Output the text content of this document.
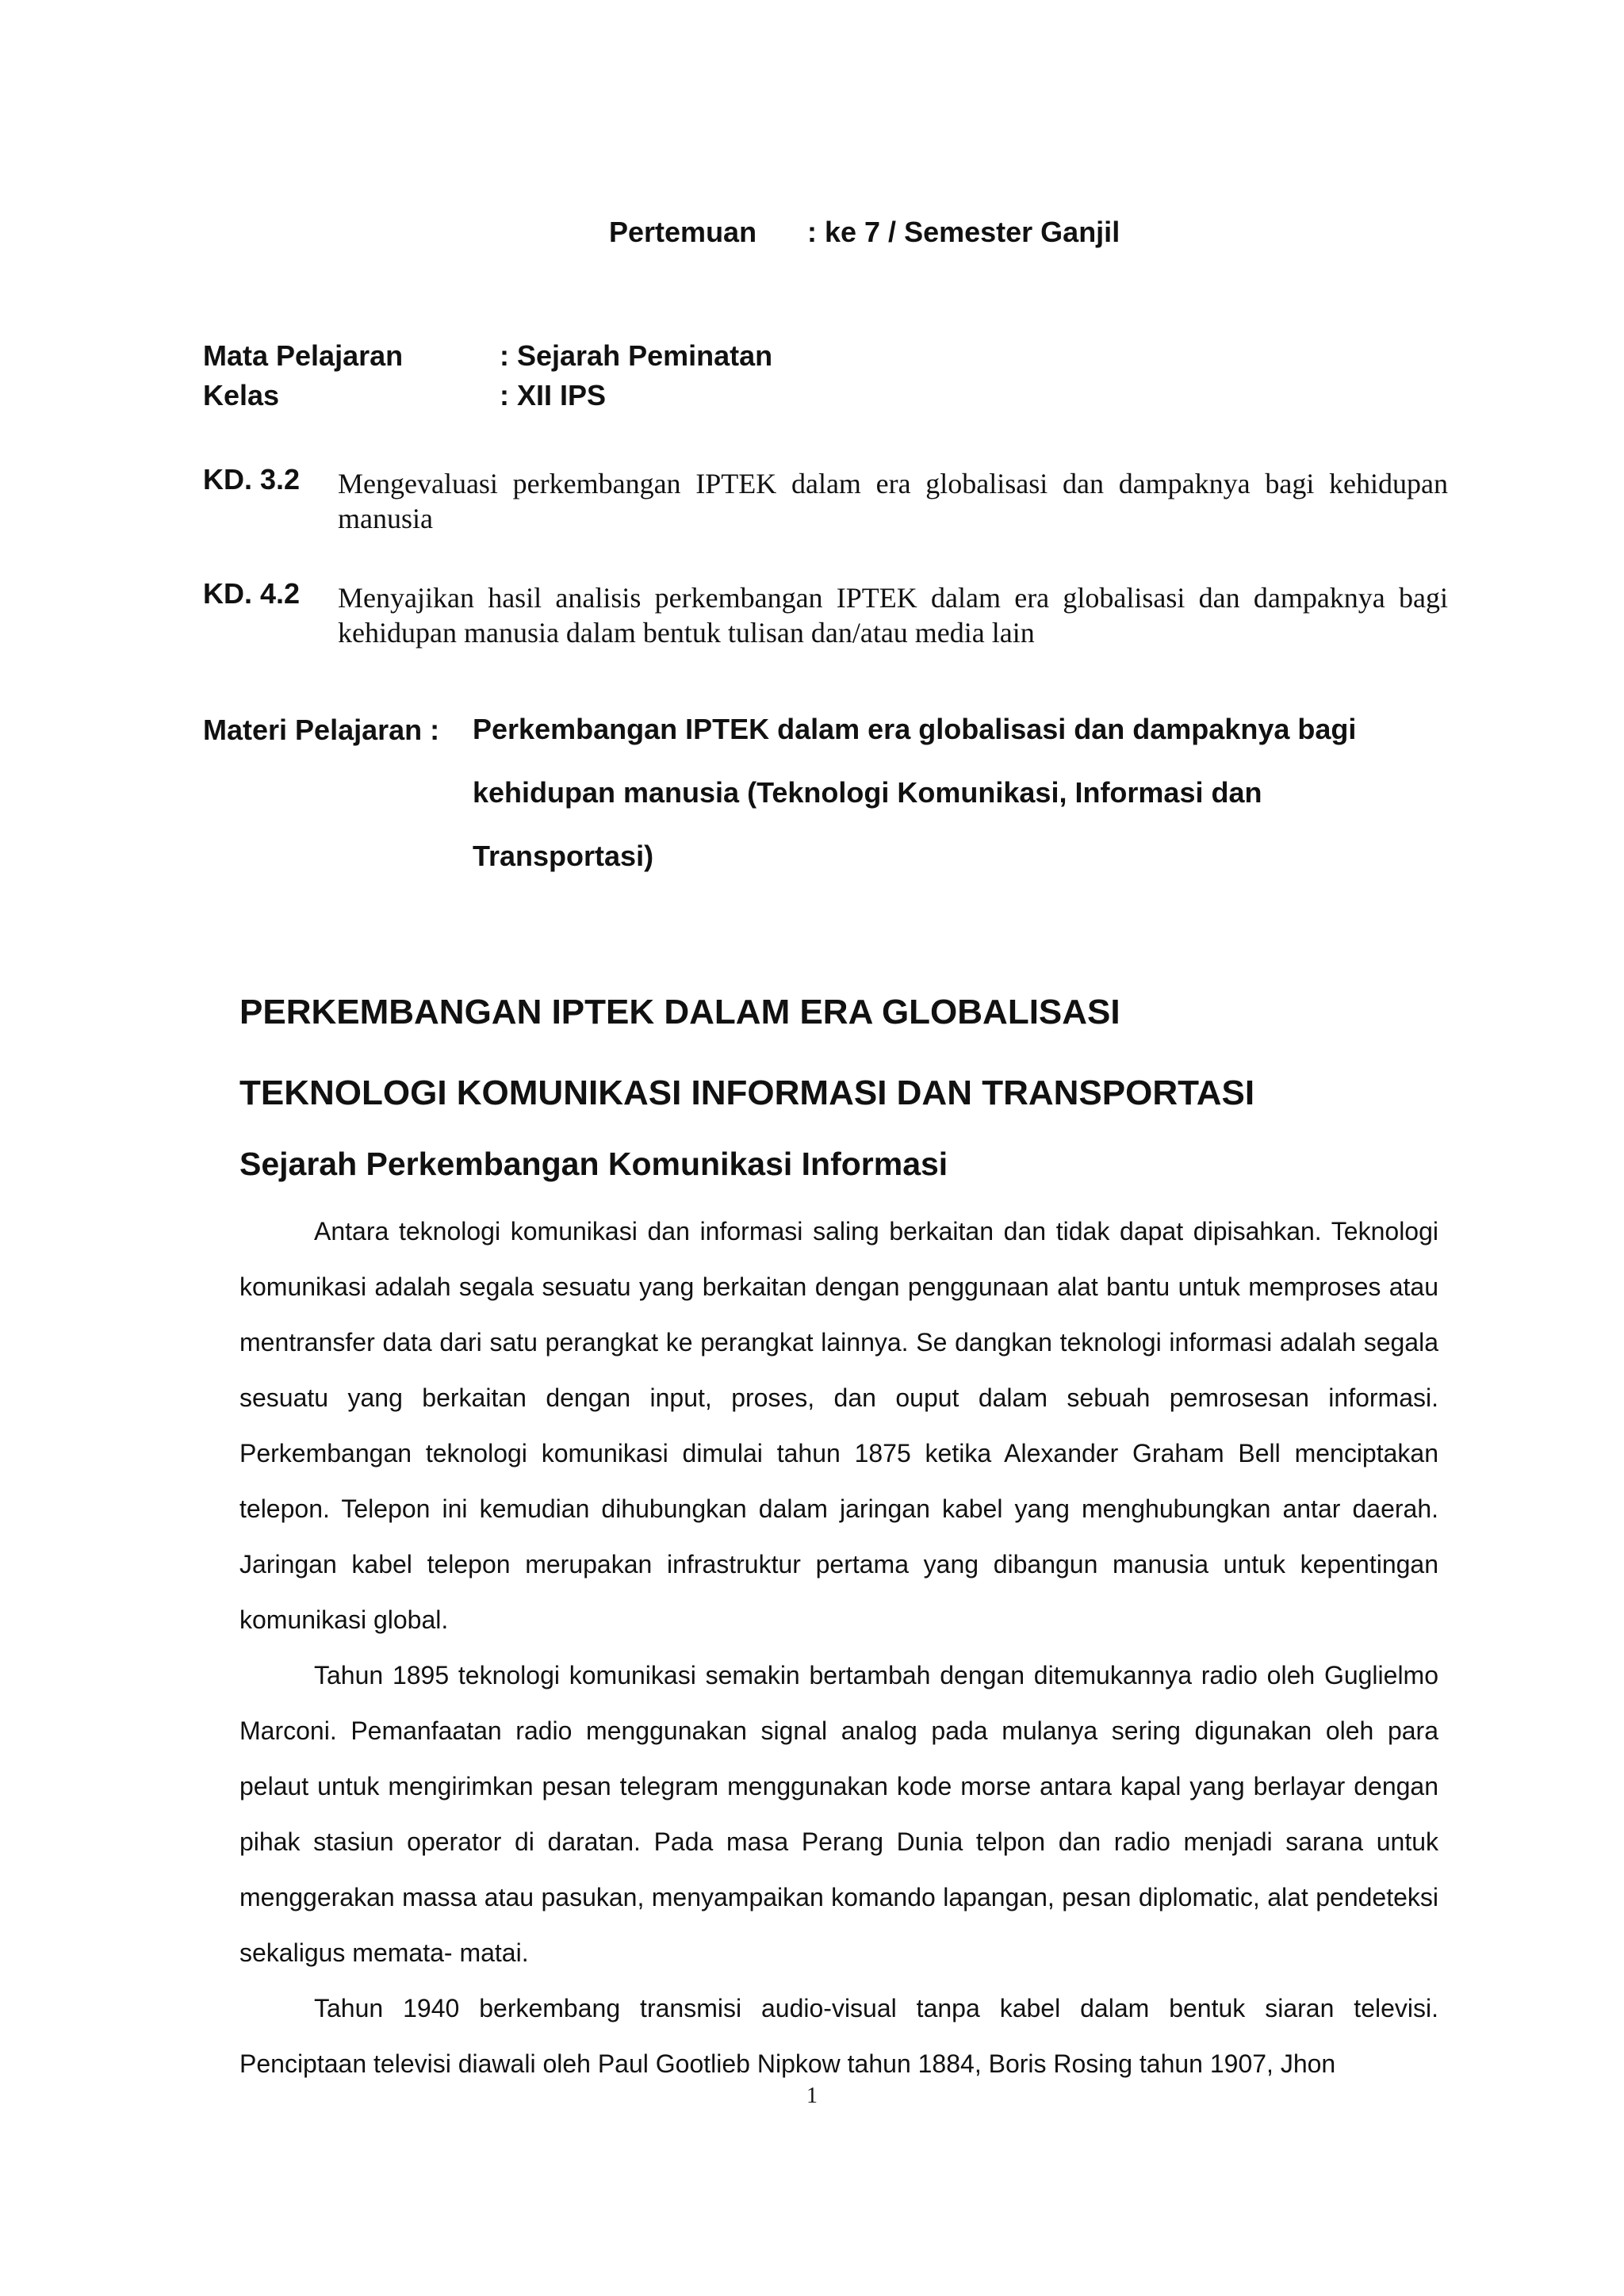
Pertemuan : ke 7 / Semester Ganjil
Mata Pelajaran	: Sejarah Peminatan
Kelas	: XII IPS
KD. 3.2 Mengevaluasi perkembangan IPTEK dalam era globalisasi dan dampaknya bagi kehidupan manusia
KD. 4.2 Menyajikan hasil analisis perkembangan IPTEK dalam era globalisasi dan dampaknya bagi kehidupan manusia dalam bentuk tulisan dan/atau media lain
Materi Pelajaran : Perkembangan IPTEK dalam era globalisasi dan dampaknya bagi kehidupan manusia (Teknologi Komunikasi, Informasi dan Transportasi)
PERKEMBANGAN IPTEK DALAM ERA GLOBALISASI
TEKNOLOGI KOMUNIKASI INFORMASI DAN TRANSPORTASI
Sejarah Perkembangan Komunikasi Informasi

Antara teknologi komunikasi dan informasi saling berkaitan dan tidak dapat dipisahkan. Teknologi komunikasi adalah segala sesuatu yang berkaitan dengan penggunaan alat bantu untuk memproses atau mentransfer data dari satu perangkat ke perangkat lainnya. Se dangkan teknologi informasi adalah segala sesuatu yang berkaitan dengan input, proses, dan ouput dalam sebuah pemrosesan informasi. Perkembangan teknologi komunikasi dimulai tahun 1875 ketika Alexander Graham Bell menciptakan telepon. Telepon ini kemudian dihubungkan dalam jaringan kabel yang menghubungkan antar daerah. Jaringan kabel telepon merupakan infrastruktur pertama yang dibangun manusia untuk kepentingan komunikasi global.

Tahun 1895 teknologi komunikasi semakin bertambah dengan ditemukannya radio oleh Guglielmo Marconi. Pemanfaatan radio menggunakan signal analog pada mulanya sering digunakan oleh para pelaut untuk mengirimkan pesan telegram menggunakan kode morse antara kapal yang berlayar dengan pihak stasiun operator di daratan. Pada masa Perang Dunia telpon dan radio menjadi sarana untuk menggerakan massa atau pasukan, menyampaikan komando lapangan, pesan diplomatic, alat pendeteksi sekaligus memata- matai.

Tahun 1940 berkembang transmisi audio-visual tanpa kabel dalam bentuk siaran televisi. Penciptaan televisi diawali oleh Paul Gootlieb Nipkow tahun 1884, Boris Rosing tahun 1907, Jhon

1
